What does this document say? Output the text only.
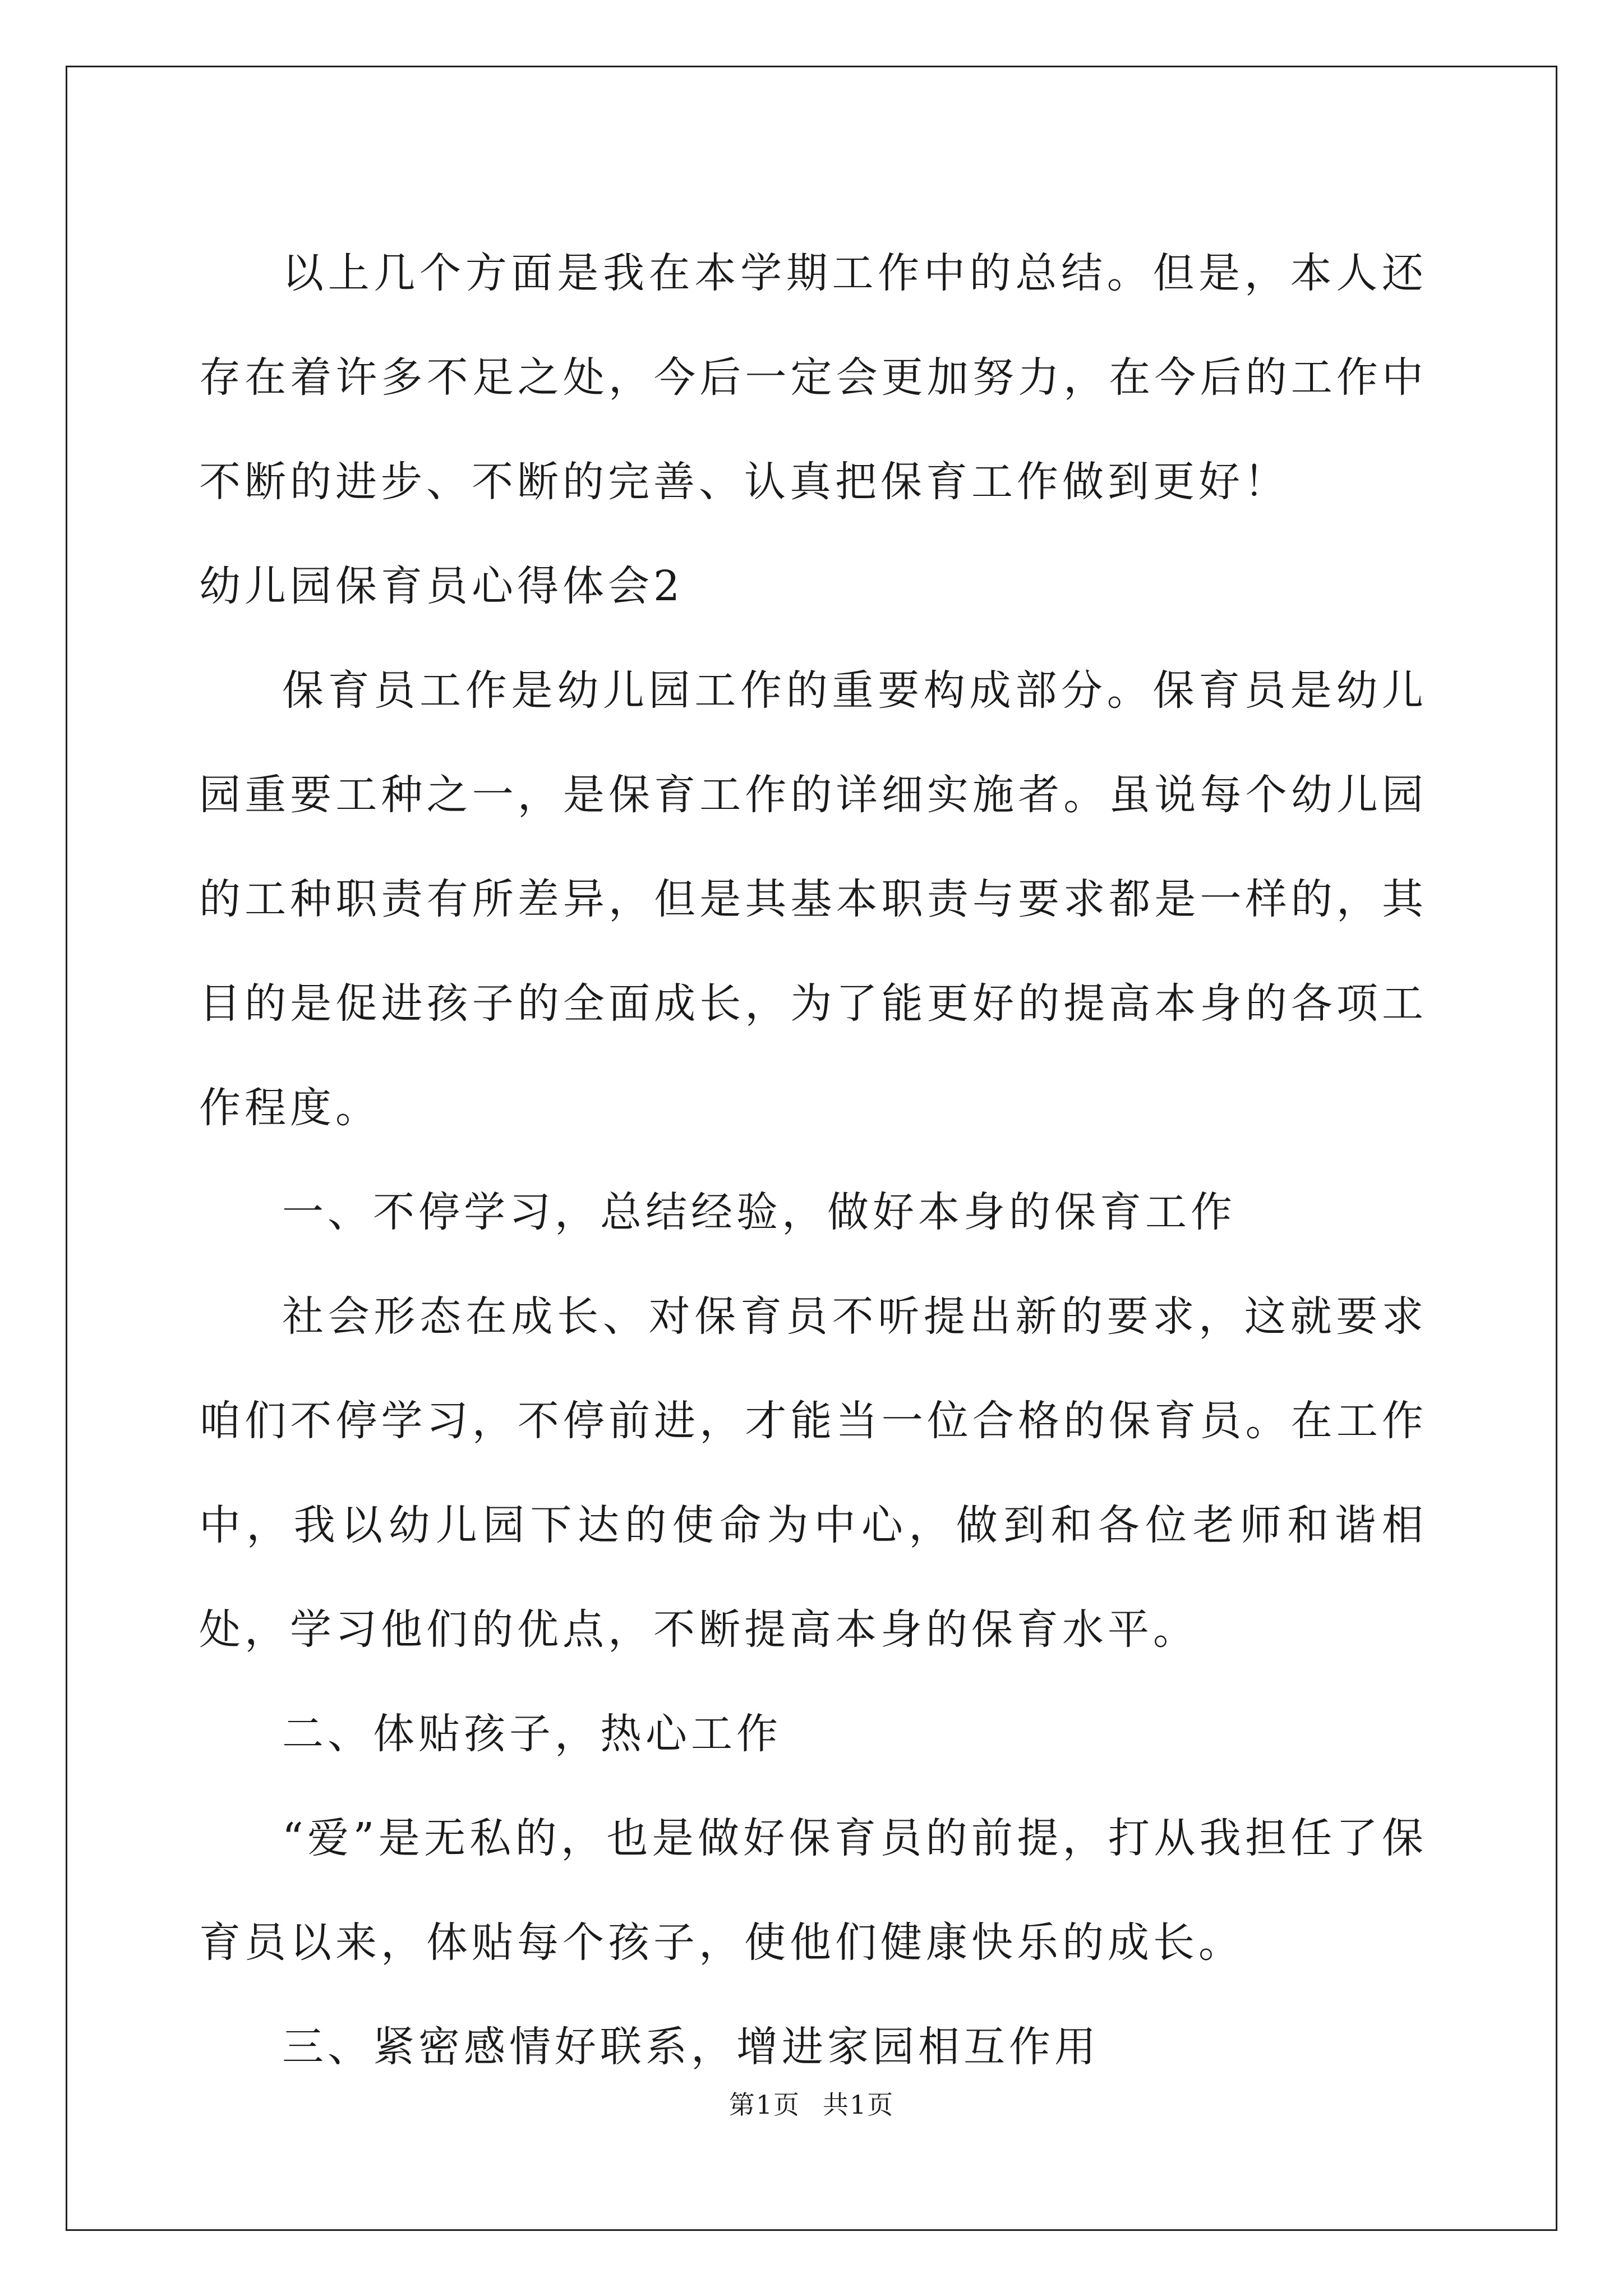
以上几个方面是我在本学期工作中的总结。但是，本人还存在着许多不足之处，今后一定会更加努力，在今后的工作中不断的进步、不断的完善、认真把保育工作做到更好！

幼儿园保育员心得体会2

保育员工作是幼儿园工作的重要构成部分。保育员是幼儿园重要工种之一，是保育工作的详细实施者。虽说每个幼儿园的工种职责有所差异，但是其基本职责与要求都是一样的，其目的是促进孩子的全面成长，为了能更好的提高本身的各项工作程度。

一、不停学习，总结经验，做好本身的保育工作

社会形态在成长、对保育员不听提出新的要求，这就要求咱们不停学习，不停前进，才能当一位合格的保育员。在工作中，我以幼儿园下达的使命为中心，做到和各位老师和谐相处，学习他们的优点，不断提高本身的保育水平。

二、体贴孩子，热心工作

“爱”是无私的，也是做好保育员的前提，打从我担任了保育员以来，体贴每个孩子，使他们健康快乐的成长。

三、紧密感情好联系，增进家园相互作用

第1页 共1页
